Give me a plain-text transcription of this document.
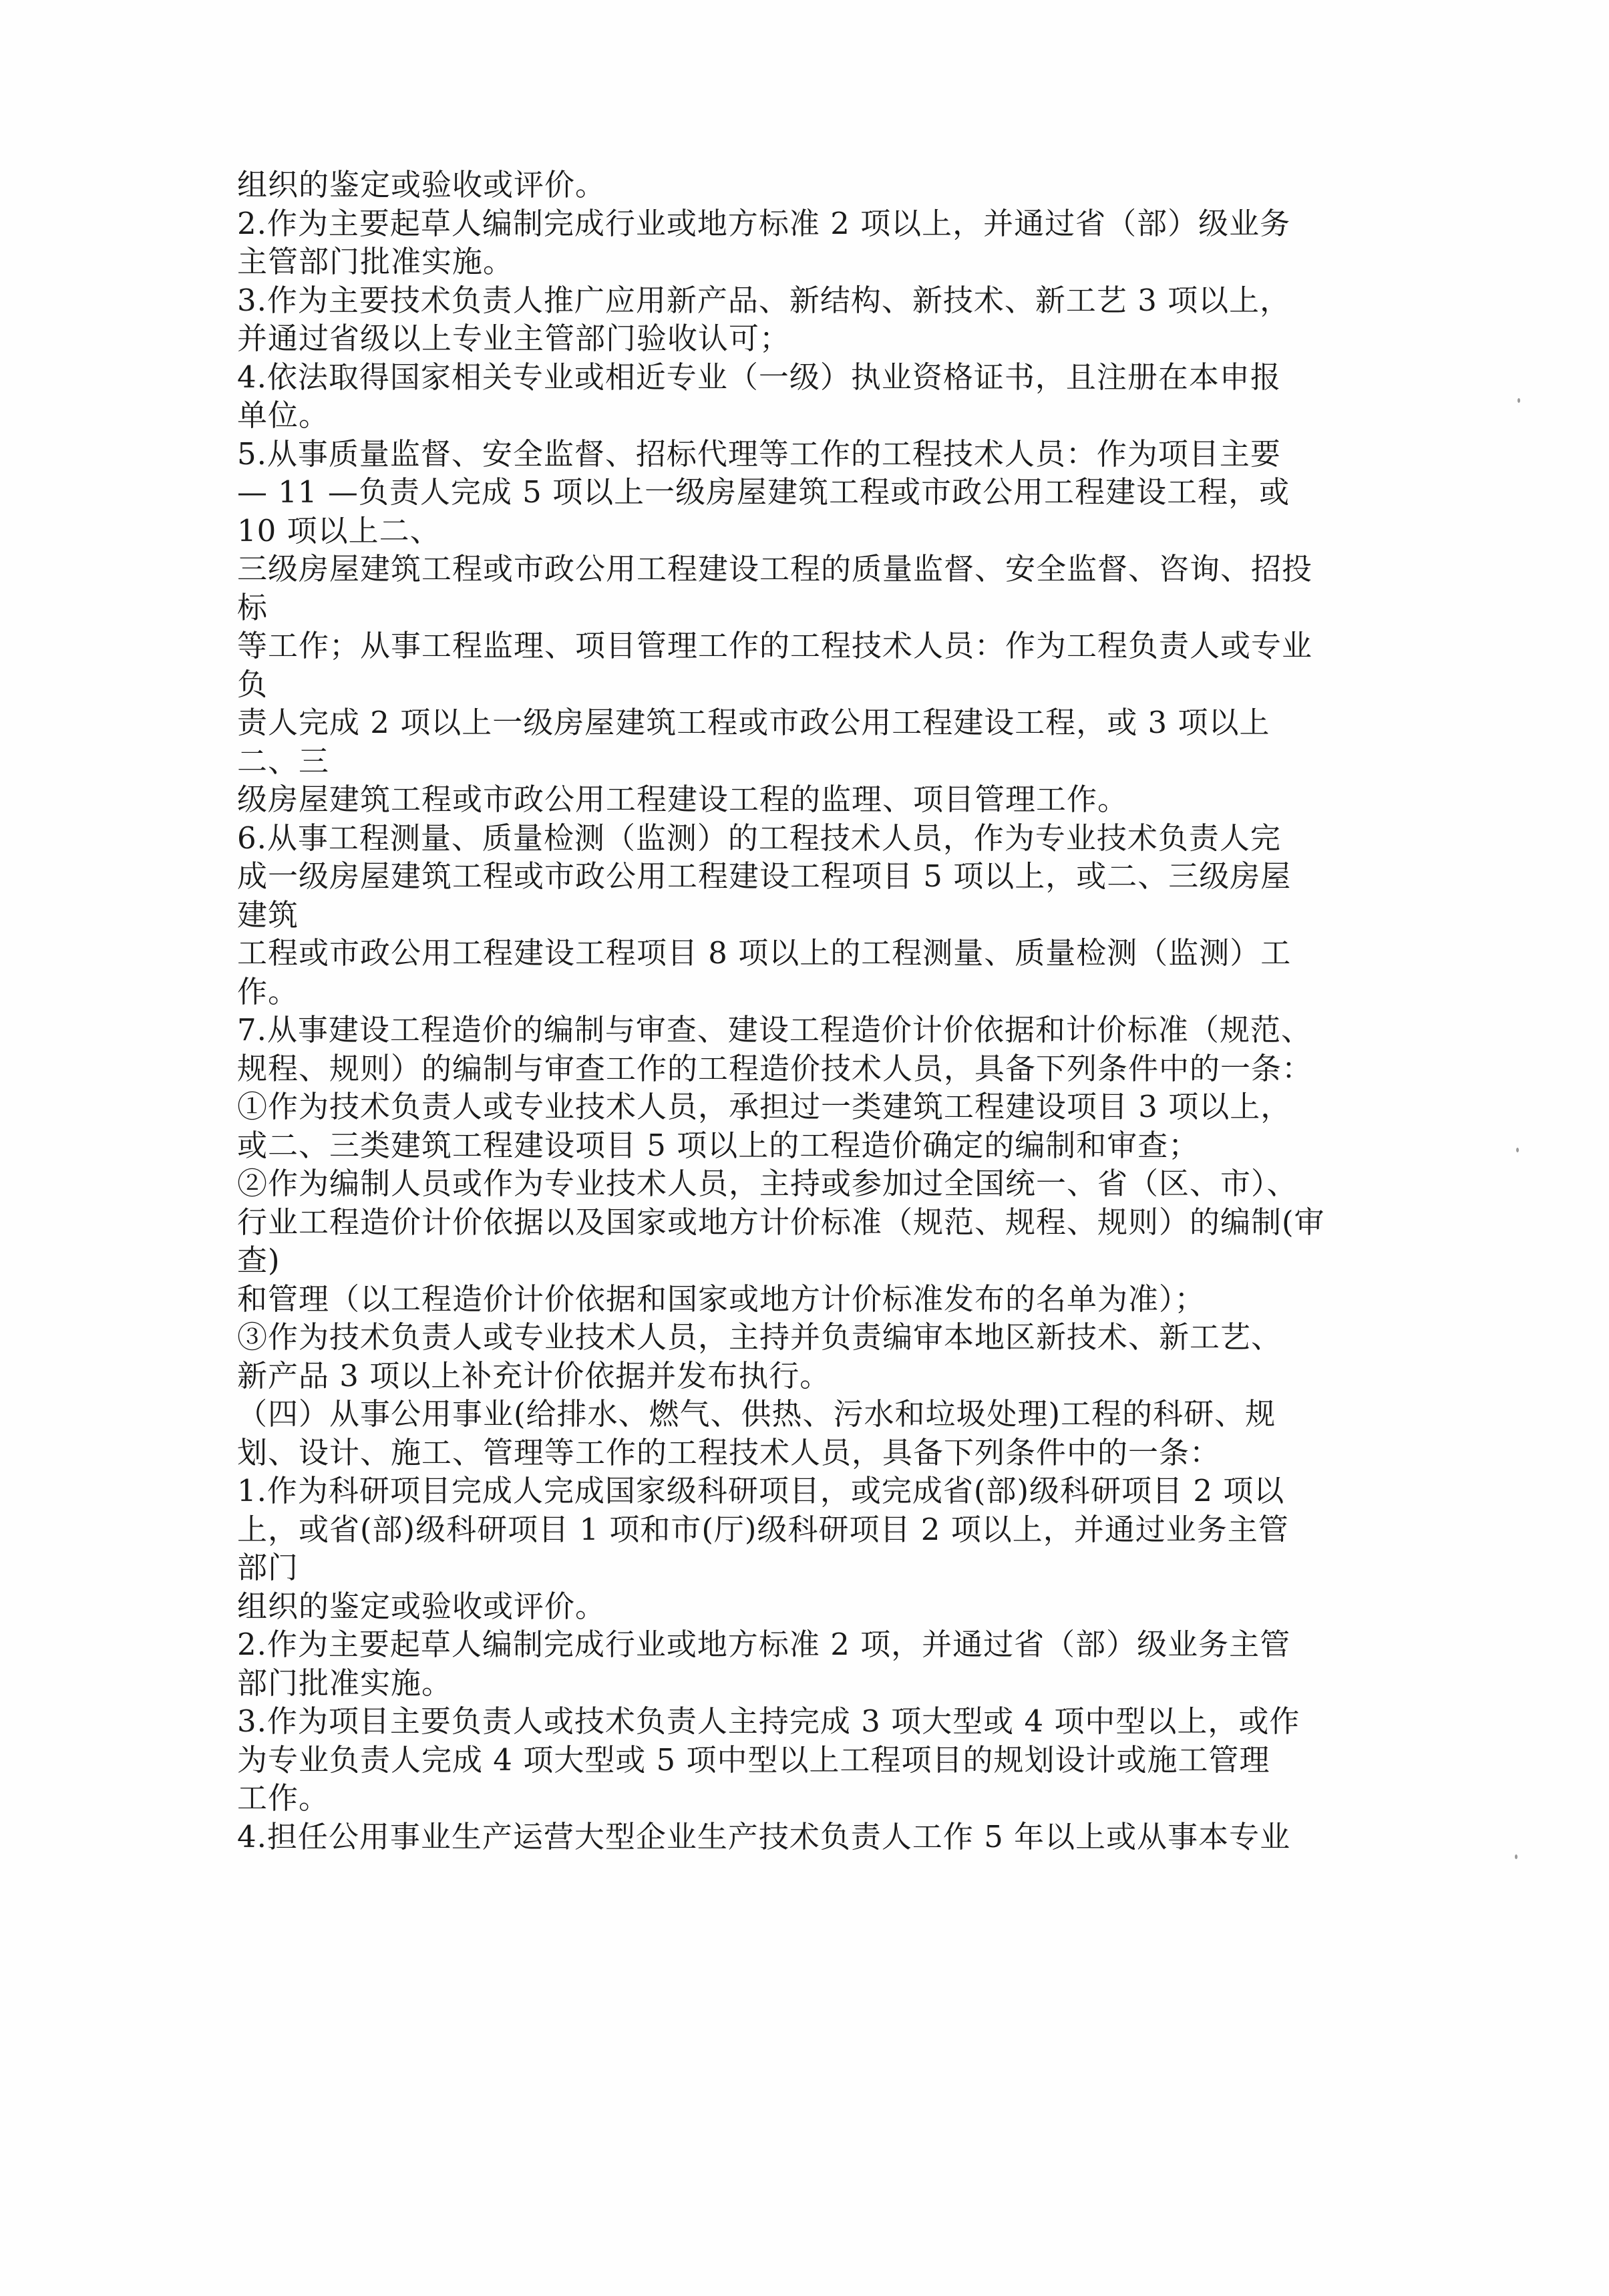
组织的鉴定或验收或评价。
2.作为主要起草人编制完成行业或地方标准 2 项以上，并通过省（部）级业务
主管部门批准实施。
3.作为主要技术负责人推广应用新产品、新结构、新技术、新工艺 3 项以上，
并通过省级以上专业主管部门验收认可；
4.依法取得国家相关专业或相近专业（一级）执业资格证书，且注册在本申报
单位。
5.从事质量监督、安全监督、招标代理等工作的工程技术人员：作为项目主要
— 11 —负责人完成 5 项以上一级房屋建筑工程或市政公用工程建设工程，或
10 项以上二、
三级房屋建筑工程或市政公用工程建设工程的质量监督、安全监督、咨询、招投
标
等工作；从事工程监理、项目管理工作的工程技术人员：作为工程负责人或专业
负
责人完成 2 项以上一级房屋建筑工程或市政公用工程建设工程，或 3 项以上
二、三
级房屋建筑工程或市政公用工程建设工程的监理、项目管理工作。
6.从事工程测量、质量检测（监测）的工程技术人员，作为专业技术负责人完
成一级房屋建筑工程或市政公用工程建设工程项目 5 项以上，或二、三级房屋
建筑
工程或市政公用工程建设工程项目 8 项以上的工程测量、质量检测（监测）工
作。
7.从事建设工程造价的编制与审查、建设工程造价计价依据和计价标准（规范、
规程、规则）的编制与审查工作的工程造价技术人员，具备下列条件中的一条：
①作为技术负责人或专业技术人员，承担过一类建筑工程建设项目 3 项以上，
或二、三类建筑工程建设项目 5 项以上的工程造价确定的编制和审查；
②作为编制人员或作为专业技术人员，主持或参加过全国统一、省（区、市）、
行业工程造价计价依据以及国家或地方计价标准（规范、规程、规则）的编制(审
查)
和管理（以工程造价计价依据和国家或地方计价标准发布的名单为准）；
③作为技术负责人或专业技术人员，主持并负责编审本地区新技术、新工艺、
新产品 3 项以上补充计价依据并发布执行。
（四）从事公用事业(给排水、燃气、供热、污水和垃圾处理)工程的科研、规
划、设计、施工、管理等工作的工程技术人员，具备下列条件中的一条：
1.作为科研项目完成人完成国家级科研项目，或完成省(部)级科研项目 2 项以
上，或省(部)级科研项目 1 项和市(厅)级科研项目 2 项以上，并通过业务主管
部门
组织的鉴定或验收或评价。
2.作为主要起草人编制完成行业或地方标准 2 项，并通过省（部）级业务主管
部门批准实施。
3.作为项目主要负责人或技术负责人主持完成 3 项大型或 4 项中型以上，或作
为专业负责人完成 4 项大型或 5 项中型以上工程项目的规划设计或施工管理
工作。
4.担任公用事业生产运营大型企业生产技术负责人工作 5 年以上或从事本专业
